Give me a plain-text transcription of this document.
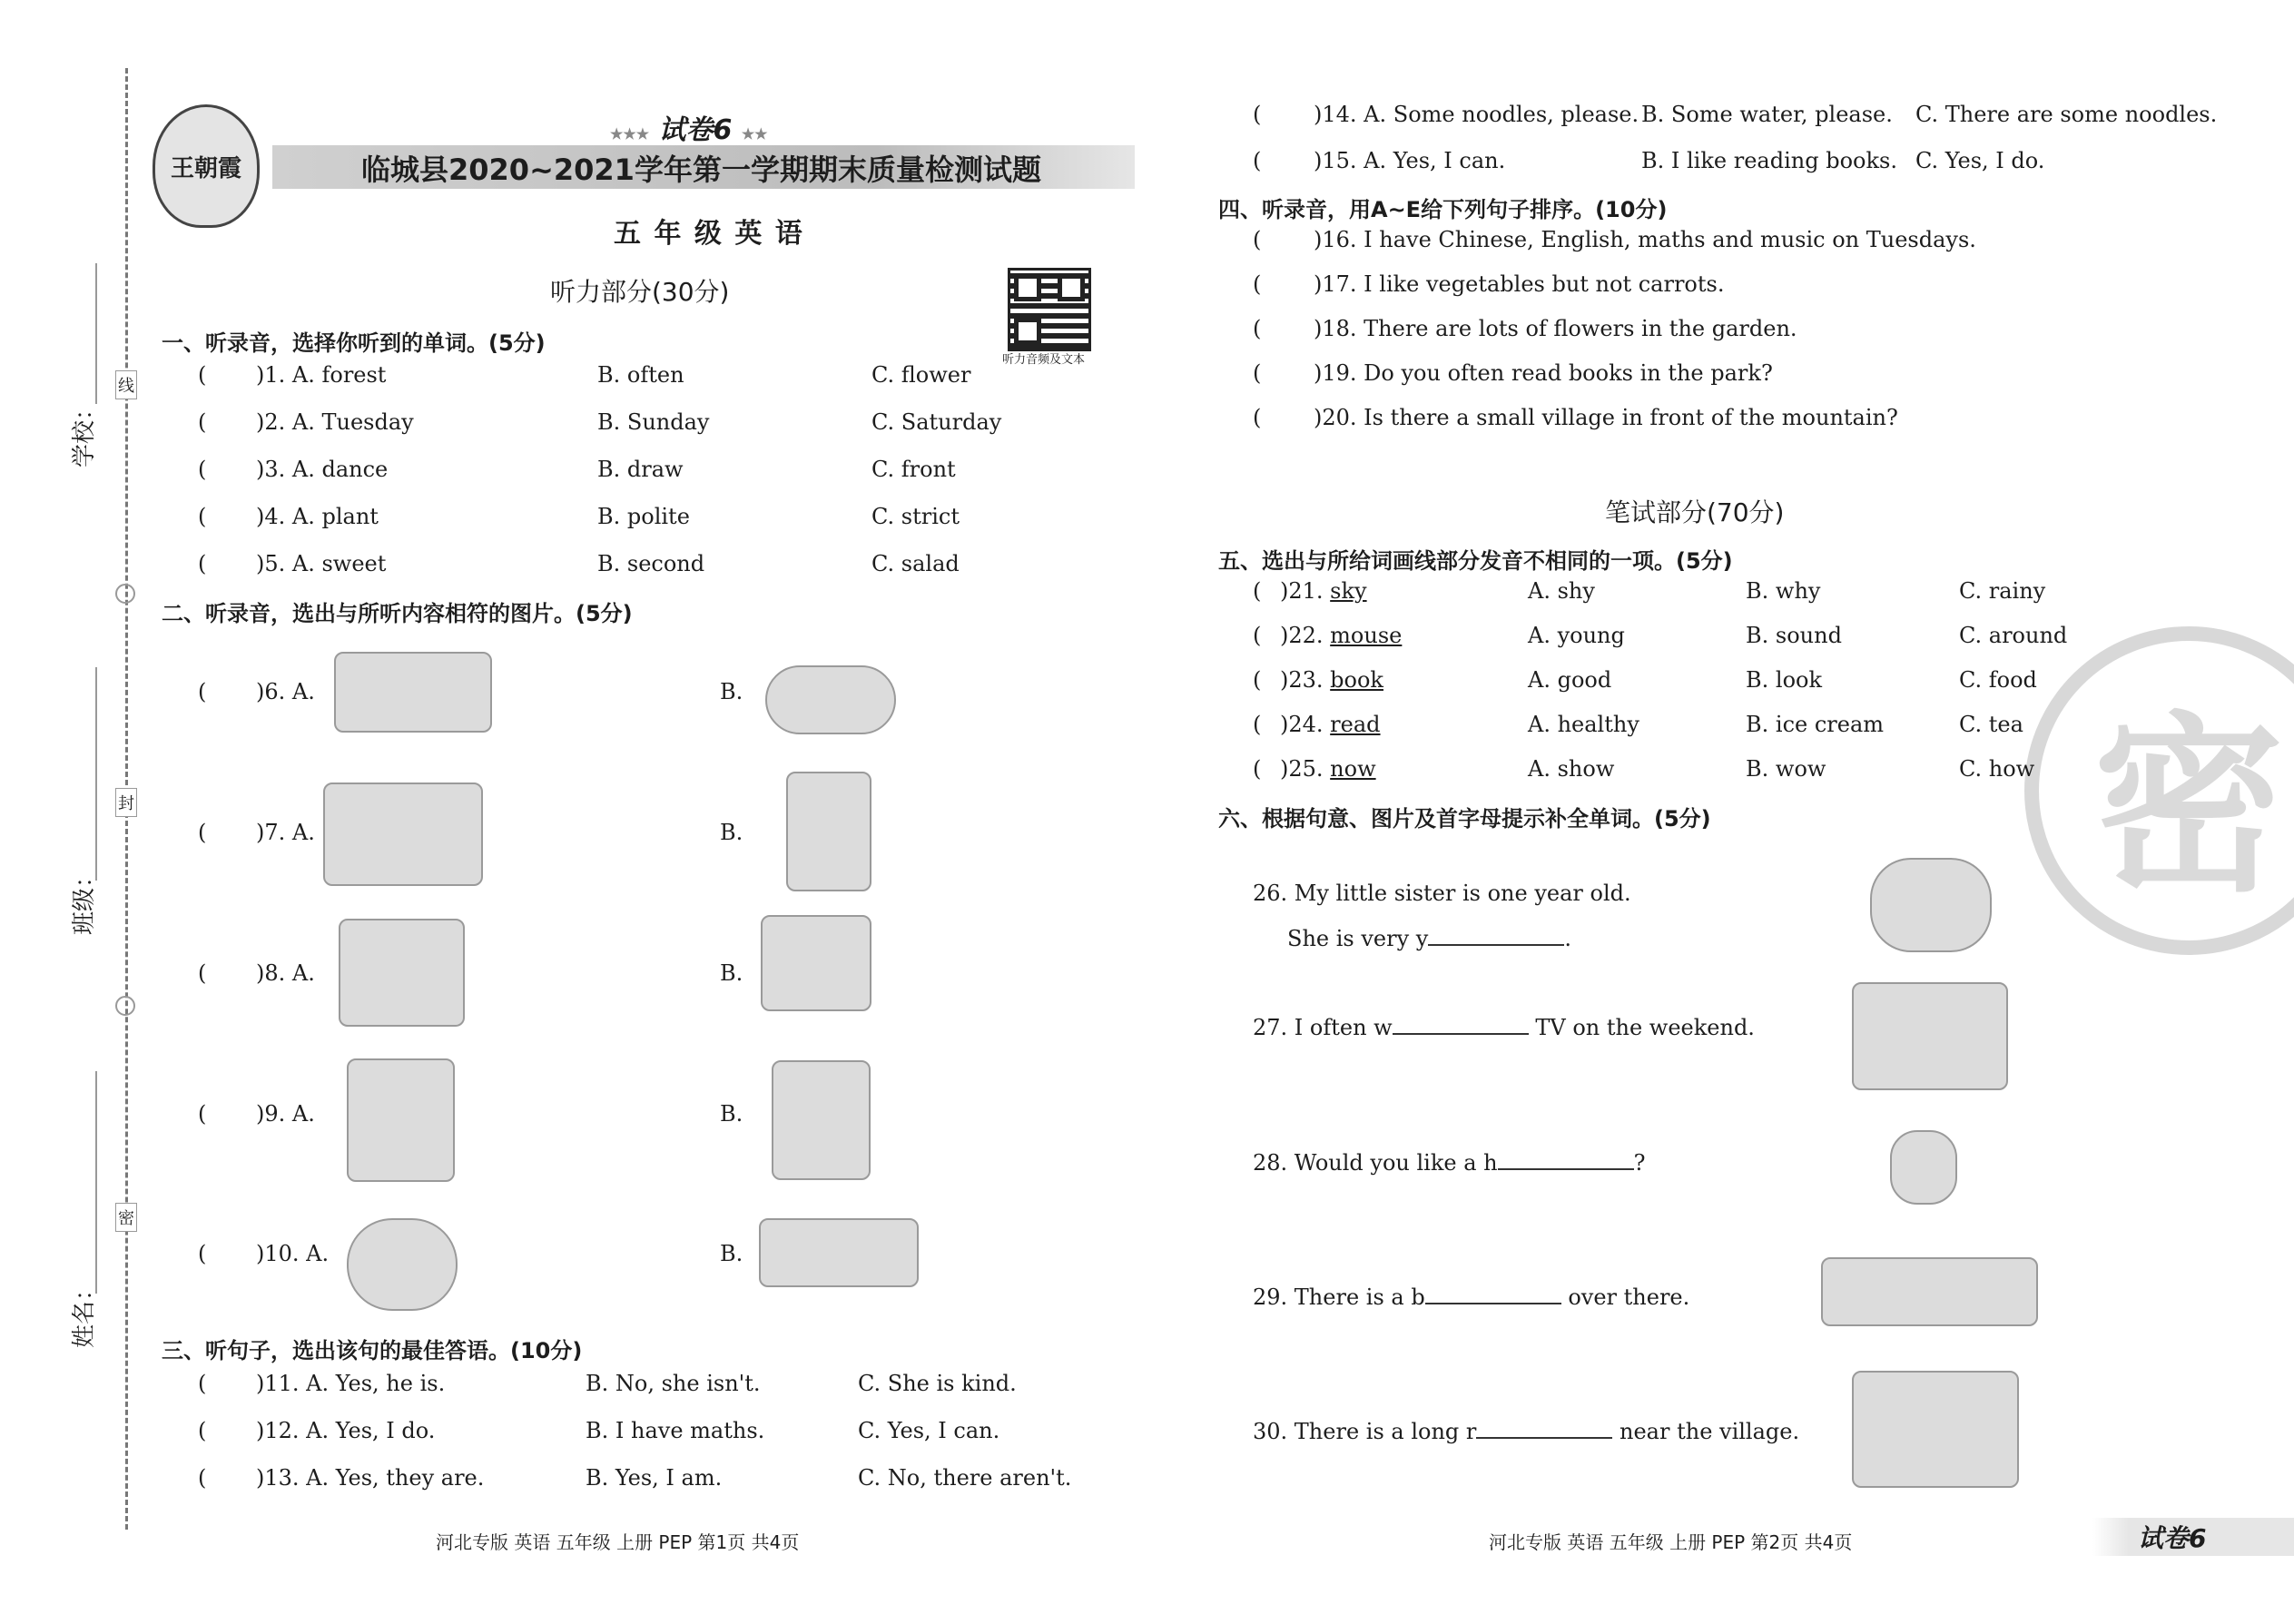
学校：
班级：
姓名：
线
封
密
王朝霞
★★★ 试卷6 ★★
临城县2020~2021学年第一学期期末质量检测试题
五 年 级 英 语
听力部分(30分)
听力音频及文本
一、听录音，选择你听到的单词。(5分)
( )1. A. forest	B. often	C. flower
( )2. A. Tuesday	B. Sunday	C. Saturday
( )3. A. dance	B. draw	C. front
( )4. A. plant	B. polite	C. strict
( )5. A. sweet	B. second	C. salad
二、听录音，选出与所听内容相符的图片。(5分)
( )6. A.	B.
( )7. A.	B.
( )8. A.	B.
( )9. A.	B.
( )10. A.	B.
三、听句子，选出该句的最佳答语。(10分)
( )11. A. Yes, he is.	B. No, she isn't.	C. She is kind.
( )12. A. Yes, I do.	B. I have maths.	C. Yes, I can.
( )13. A. Yes, they are.	B. Yes, I am.	C. No, there aren't.
河北专版 英语 五年级 上册 PEP 第1页 共4页
( )14. A. Some noodles, please. B. Some water, please. C. There are some noodles.
( )15. A. Yes, I can.	B. I like reading books. C. Yes, I do.
四、听录音，用A~E给下列句子排序。(10分)
( )16. I have Chinese, English, maths and music on Tuesdays.
( )17. I like vegetables but not carrots.
( )18. There are lots of flowers in the garden.
( )19. Do you often read books in the park?
( )20. Is there a small village in front of the mountain?
笔试部分(70分)
密
五、选出与所给词画线部分发音不相同的一项。(5分)
( )21. sky	A. shy	B. why	C. rainy
( )22. mouse	A. young	B. sound	C. around
( )23. book	A. good	B. look	C. food
( )24. read	A. healthy	B. ice cream	C. tea
( )25. now	A. show	B. wow	C. how
六、根据句意、图片及首字母提示补全单词。(5分)
26. My little sister is one year old.
She is very y	.
27. I often w	TV on the weekend.
28. Would you like a h	?
29. There is a b	over there.
30. There is a long r	near the village.
河北专版 英语 五年级 上册 PEP 第2页 共4页	试卷6
